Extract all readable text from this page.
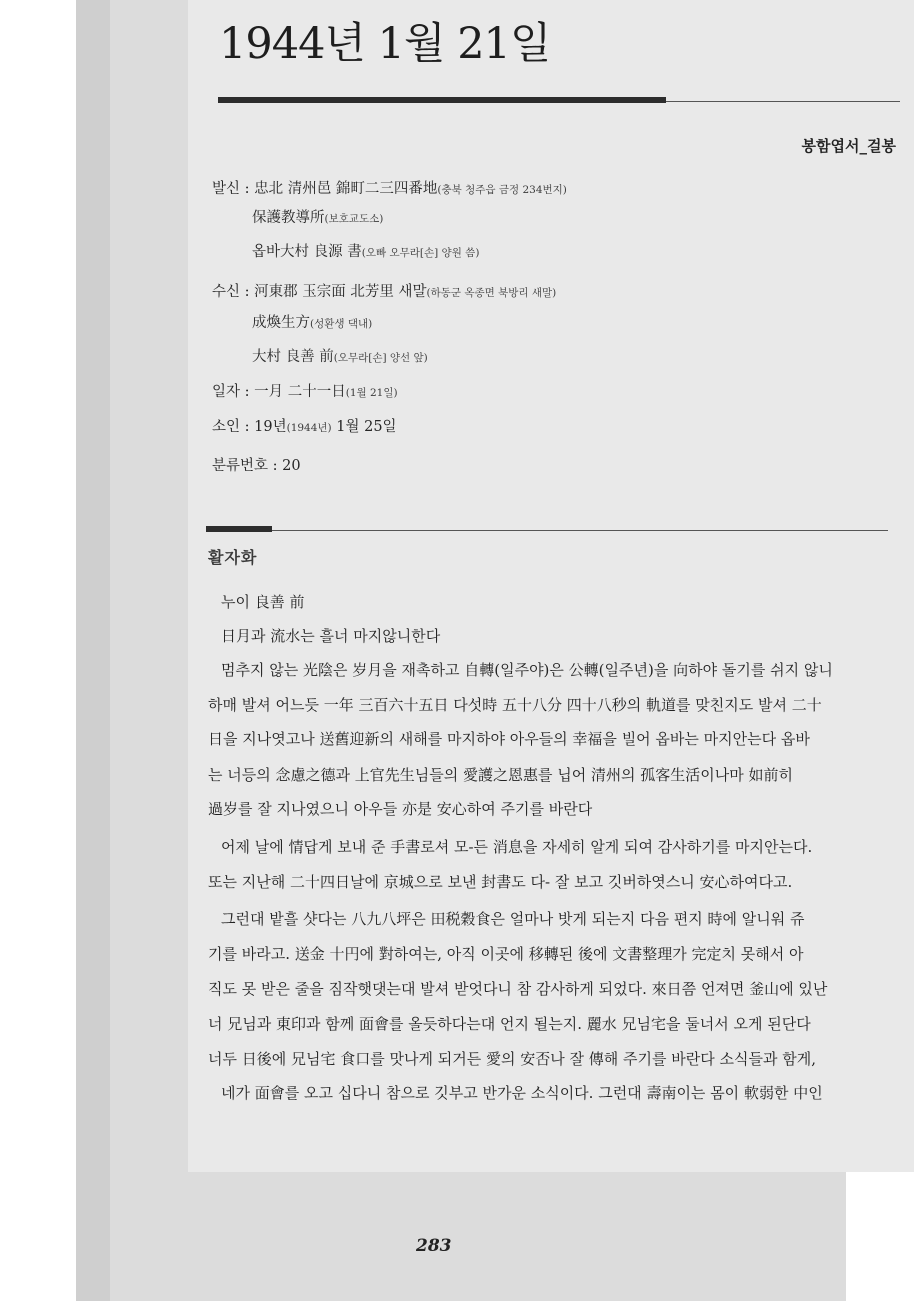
1944년 1월 21일
봉함엽서_걸봉
발신 : 忠北 清州邑 錦町二三四番地(충북 청주읍 금정 234번지)
保護教導所(보호교도소)
옵바大村 良源 書(오빠 오무라[손] 양원 씀)
수신 : 河東郡 玉宗面 北芳里 새말(하동군 옥종면 북방리 새말)
成煥生方(성환생 댁내)
大村 良善 前(오무라[손] 양선 앞)
일자 : 一月 二十一日(1월 21일)
소인 : 19년(1944년) 1월 25일
분류번호 : 20
활자화
누이 良善 前
日月과 流水는 흘너 마지않니한다
멈추지 않는 光陰은 岁月을 재촉하고 自轉(일주야)은 公轉(일주년)을 向하야 돌기를 쉬지 않니
하매 발셔 어느듯 一年 三百六十五日 다섯時 五十八分 四十八秒의 軌道를 맞친지도 발셔 二十
日을 지나엿고나 送舊迎新의 새해를 마지하야 아우들의 幸福을 빌어 옵바는 마지안는다 옵바
는 너등의 念慮之德과 上官先生님들의 愛護之恩惠를 닙어 清州의 孤客生活이나마 如前히
過岁를 잘 지나였으니 아우들 亦是 安心하여 주기를 바란다
어제 날에 情답게 보내 준 手書로셔 모-든 消息을 자세히 알게 되여 감사하기를 마지안는다.
또는 지난해 二十四日날에 京城으로 보낸 封書도 다- 잘 보고 깃버하엿스니 安心하여다고.
그런대 밭흘 샷다는 八九八坪은 田税穀食은 얼마나 밧게 되는지 다음 편지 時에 알니워 쥬
기를 바라고. 送金 十円에 對하여는, 아직 이곳에 移轉된 後에 文書整理가 完定치 못해서 아
직도 못 받은 줄을 짐작햇댓는대 발셔 받엇다니 참 감사하게 되었다. 來日쯤 언져면 釜山에 있난
너 兄님과 東印과 함께 面會를 올듯하다는대 언지 될는지. 麗水 兄님宅을 둘너서 오게 된단다
너두 日後에 兄님宅 食口를 맛나게 되거든 愛의 安否나 잘 傳해 주기를 바란다 소식들과 함게,
네가 面會를 오고 십다니 참으로 깃부고 반가운 소식이다. 그런대 壽南이는 몸이 軟弱한 中인
283
